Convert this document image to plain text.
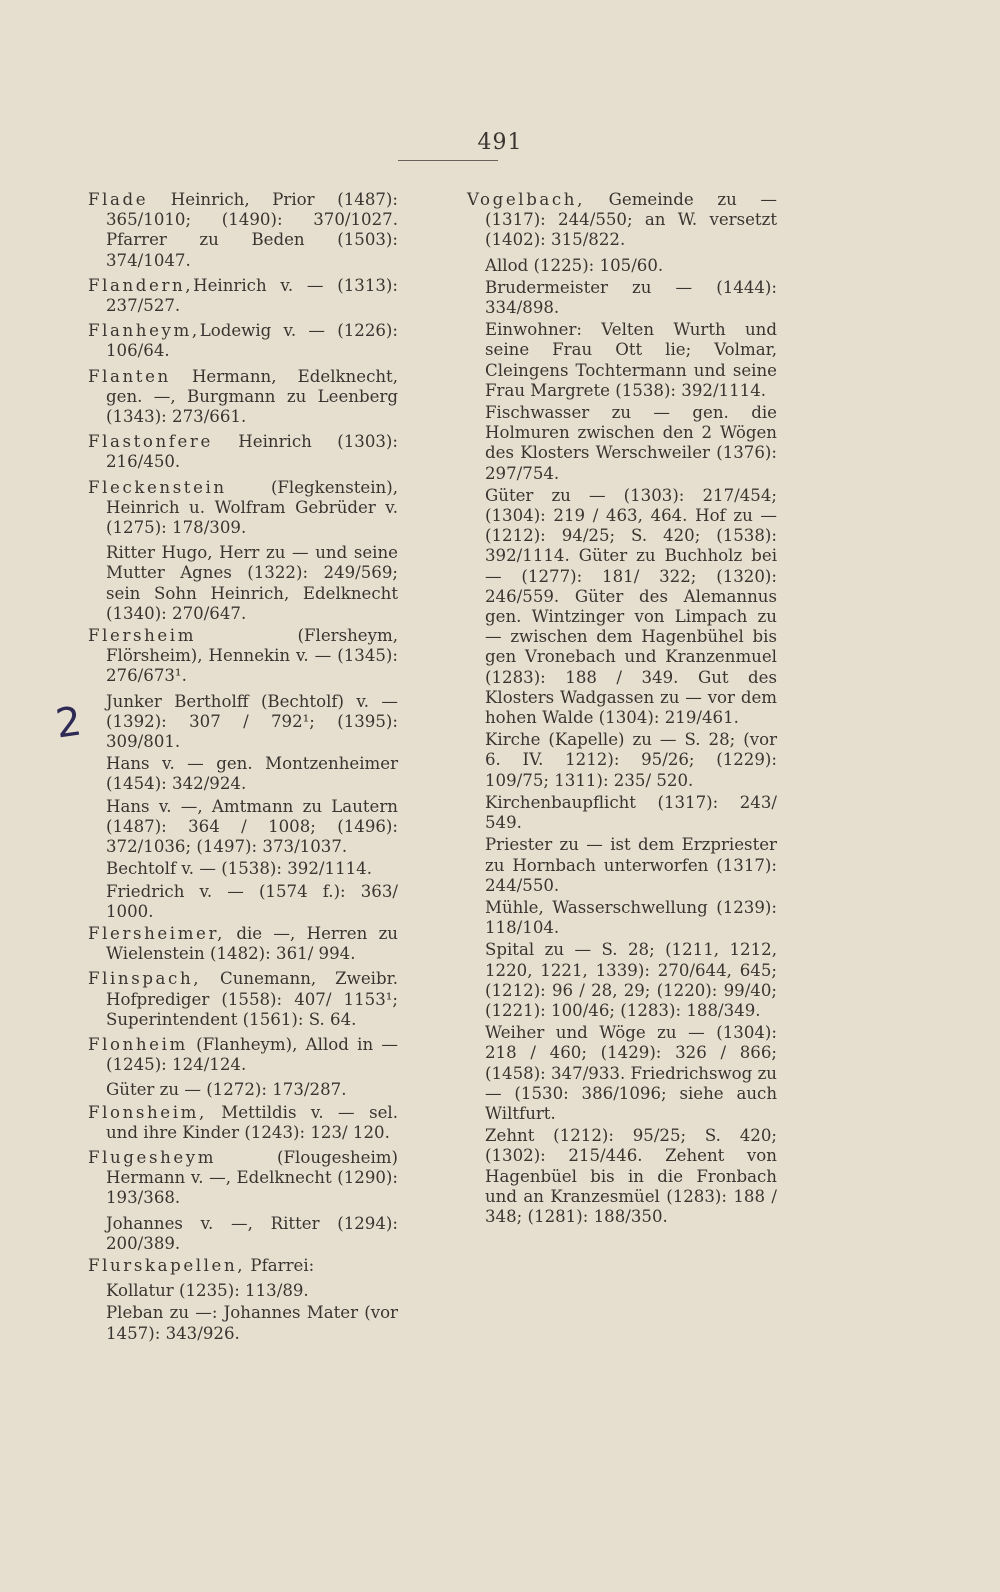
491
2
Flade Heinrich, Prior (1487): 365/1010; (1490): 370/1027. Pfarrer zu Beden (1503): 374/1047.
Flandern,Heinrich v. — (1313): 237/527.
Flanheym,Lodewig v. — (1226): 106/64.
Flanten Hermann, Edelknecht, gen. —, Burgmann zu Leenberg (1343): 273/661.
Flastonfere Heinrich (1303): 216/450.
Fleckenstein (Flegkenstein), Heinrich u. Wolfram Gebrüder v. (1275): 178/309.
Ritter Hugo, Herr zu — und seine Mutter Agnes (1322): 249/569; sein Sohn Heinrich, Edelknecht (1340): 270/647.
Flersheim (Flersheym, Flörsheim), Hennekin v. — (1345): 276/673¹.
Junker Bertholff (Bechtolf) v. — (1392): 307 / 792¹; (1395): 309/801.
Hans v. — gen. Montzenheimer (1454): 342/924.
Hans v. —, Amtmann zu Lautern (1487): 364 / 1008; (1496): 372/1036; (1497): 373/1037.
Bechtolf v. — (1538): 392/1114.
Friedrich v. — (1574 f.): 363/ 1000.
Flersheimer, die —, Herren zu Wielenstein (1482): 361/ 994.
Flinspach, Cunemann, Zweibr. Hofprediger (1558): 407/ 1153¹; Superintendent (1561): S. 64.
Flonheim (Flanheym), Allod in — (1245): 124/124.
Güter zu — (1272): 173/287.
Flonsheim, Mettildis v. — sel. und ihre Kinder (1243): 123/ 120.
Flugesheym (Flougesheim) Hermann v. —, Edelknecht (1290): 193/368.
Johannes v. —, Ritter (1294): 200/389.
Flurskapellen, Pfarrei:
Kollatur (1235): 113/89.
Pleban zu —: Johannes Mater (vor 1457): 343/926.
Vogelbach, Gemeinde zu — (1317): 244/550; an W. versetzt (1402): 315/822.
Allod (1225): 105/60.
Brudermeister zu — (1444): 334/898.
Einwohner: Velten Wurth und seine Frau Ott lie; Volmar, Cleingens Tochtermann und seine Frau Margrete (1538): 392/1114.
Fischwasser zu — gen. die Holmuren zwischen den 2 Wögen des Klosters Werschweiler (1376): 297/754.
Güter zu — (1303): 217/454; (1304): 219 / 463, 464. Hof zu — (1212): 94/25; S. 420; (1538): 392/1114. Güter zu Buchholz bei — (1277): 181/ 322; (1320): 246/559. Güter des Alemannus gen. Wintzinger von Limpach zu — zwischen dem Hagenbühel bis gen Vronebach und Kranzenmuel (1283): 188 / 349. Gut des Klosters Wadgassen zu — vor dem hohen Walde (1304): 219/461.
Kirche (Kapelle) zu — S. 28; (vor 6. IV. 1212): 95/26; (1229): 109/75; 1311): 235/ 520.
Kirchenbaupflicht (1317): 243/ 549.
Priester zu — ist dem Erzpriester zu Hornbach unterworfen (1317): 244/550.
Mühle, Wasserschwellung (1239): 118/104.
Spital zu — S. 28; (1211, 1212, 1220, 1221, 1339): 270/644, 645; (1212): 96 / 28, 29; (1220): 99/40; (1221): 100/46; (1283): 188/349.
Weiher und Wöge zu — (1304): 218 / 460; (1429): 326 / 866; (1458): 347/933. Friedrichswog zu — (1530: 386/1096; siehe auch Wiltfurt.
Zehnt (1212): 95/25; S. 420; (1302): 215/446. Zehent von Hagenbüel bis in die Fronbach und an Kranzesmüel (1283): 188 / 348; (1281): 188/350.
